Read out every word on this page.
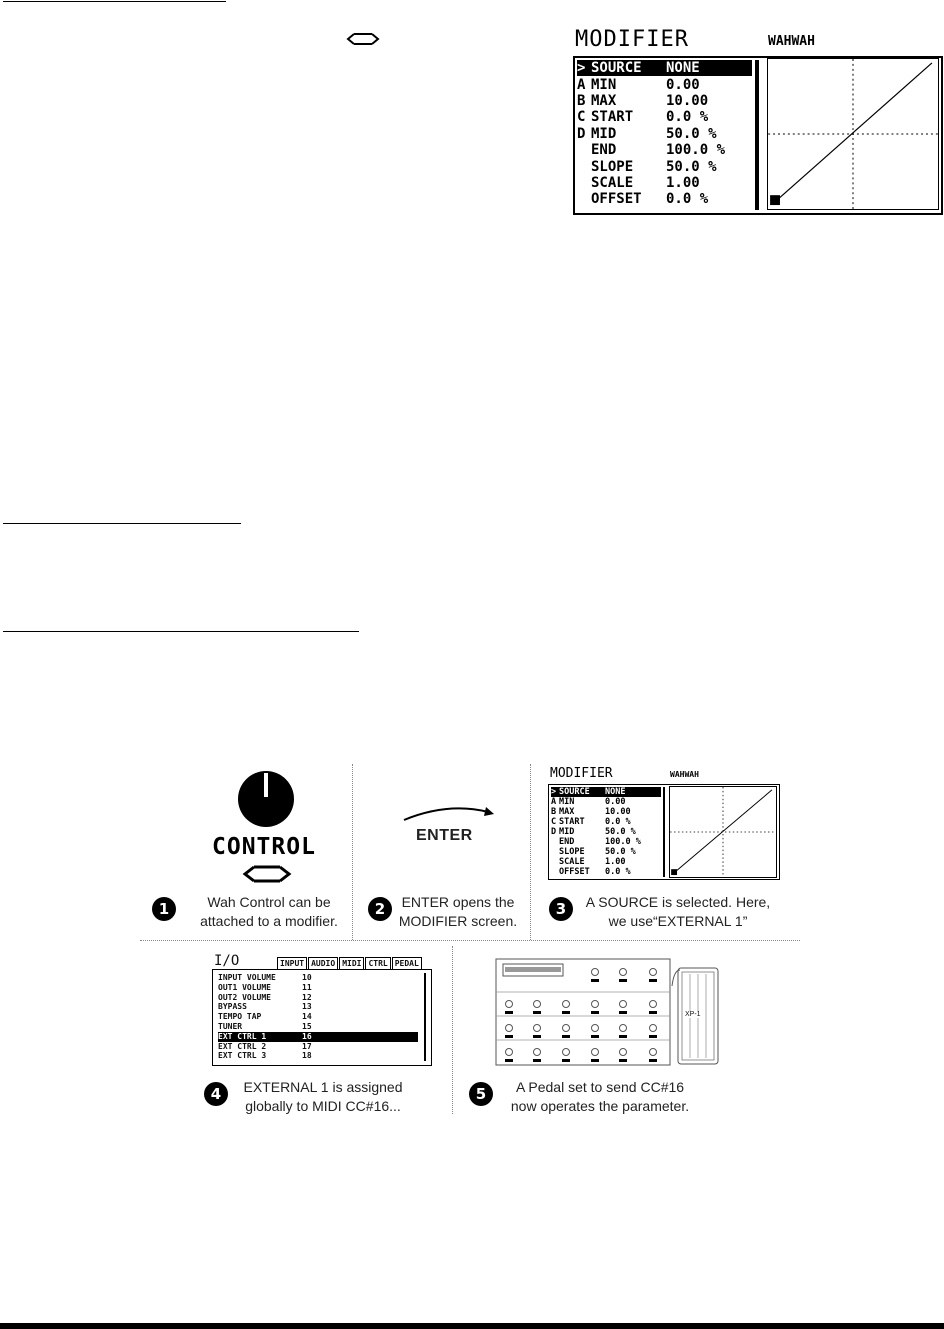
MODIFIER	WAHWAH
> SOURCE	NONE
A MIN	0.00
B MAX	10.00
C START	0.0 %
D MID	50.0 %
END	100.0 %
SLOPE	50.0 %
SCALE	1.00
OFFSET	0.0 %
CONTROL
1	Wah Control can be
attached to a modifier.
ENTER
2	ENTER opens the
MODIFIER screen.
MODIFIER	WAHWAH
> SOURCE	NONE
A MIN	0.00
B MAX	10.00
C START	0.0 %
D MID	50.0 %
END	100.0 %
SLOPE	50.0 %
SCALE	1.00
OFFSET	0.0 %
3	A SOURCE is selected. Here,
we use“EXTERNAL 1”
I/O	INPUT AUDIO MIDI CTRL PEDAL
INPUT VOLUME	10
OUT1 VOLUME	11
OUT2 VOLUME	12
BYPASS	13
TEMPO TAP	14
TUNER	15
EXT CTRL 1	16
EXT CTRL 2	17
EXT CTRL 3	18
4	EXTERNAL 1 is assigned
globally to MIDI CC#16...
XP-1
5	A Pedal set to send CC#16
now operates the parameter.
